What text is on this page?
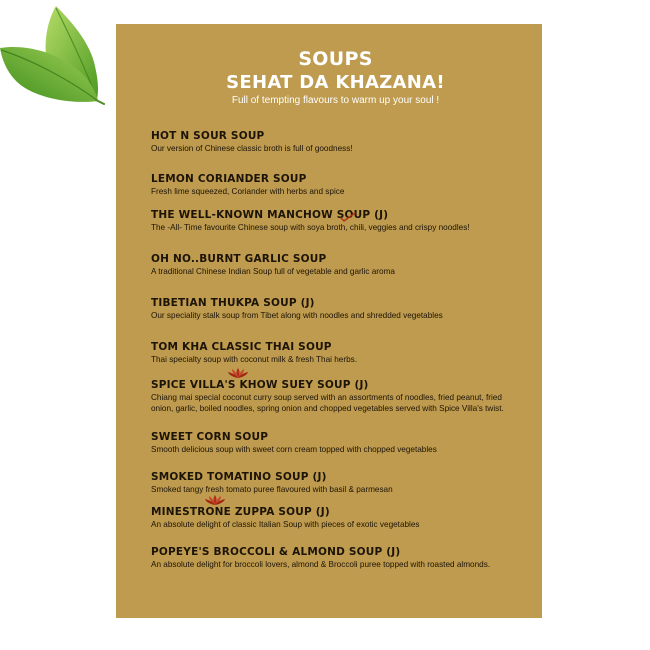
SOUPS
SEHAT DA KHAZANA!
Full of tempting flavours to warm up your soul !
HOT N SOUR SOUP
Our version of Chinese classic broth is full of goodness!
LEMON CORIANDER SOUP
Fresh lime squeezed, Coriander with herbs and spice
THE WELL-KNOWN MANCHOW SOUP (J)
The -All- Time favourite Chinese soup with soya broth, chili, veggies and crispy noodles!
OH NO..BURNT GARLIC SOUP
A traditional Chinese Indian Soup full of vegetable and garlic aroma
TIBETIAN THUKPA SOUP (J)
Our speciality stalk soup from Tibet along with noodles and shredded vegetables
TOM KHA CLASSIC THAI SOUP
Thai specialty soup with coconut milk & fresh Thai herbs.
SPICE VILLA'S KHOW SUEY SOUP (J)
Chiang mai special coconut curry soup served with an assortments of noodles, fried peanut, fried onion, garlic, boiled noodles, spring onion and chopped vegetables served with Spice Villa's twist.
SWEET CORN SOUP
Smooth delicious soup with sweet corn cream topped with chopped vegetables
SMOKED TOMATINO SOUP (J)
Smoked tangy fresh tomato puree flavoured with basil & parmesan
MINESTRONE ZUPPA SOUP (J)
An absolute delight of classic Italian Soup with pieces of exotic vegetables
POPEYE'S BROCCOLI & ALMOND SOUP (J)
An absolute delight for broccoli lovers, almond & Broccoli puree topped with roasted almonds.
